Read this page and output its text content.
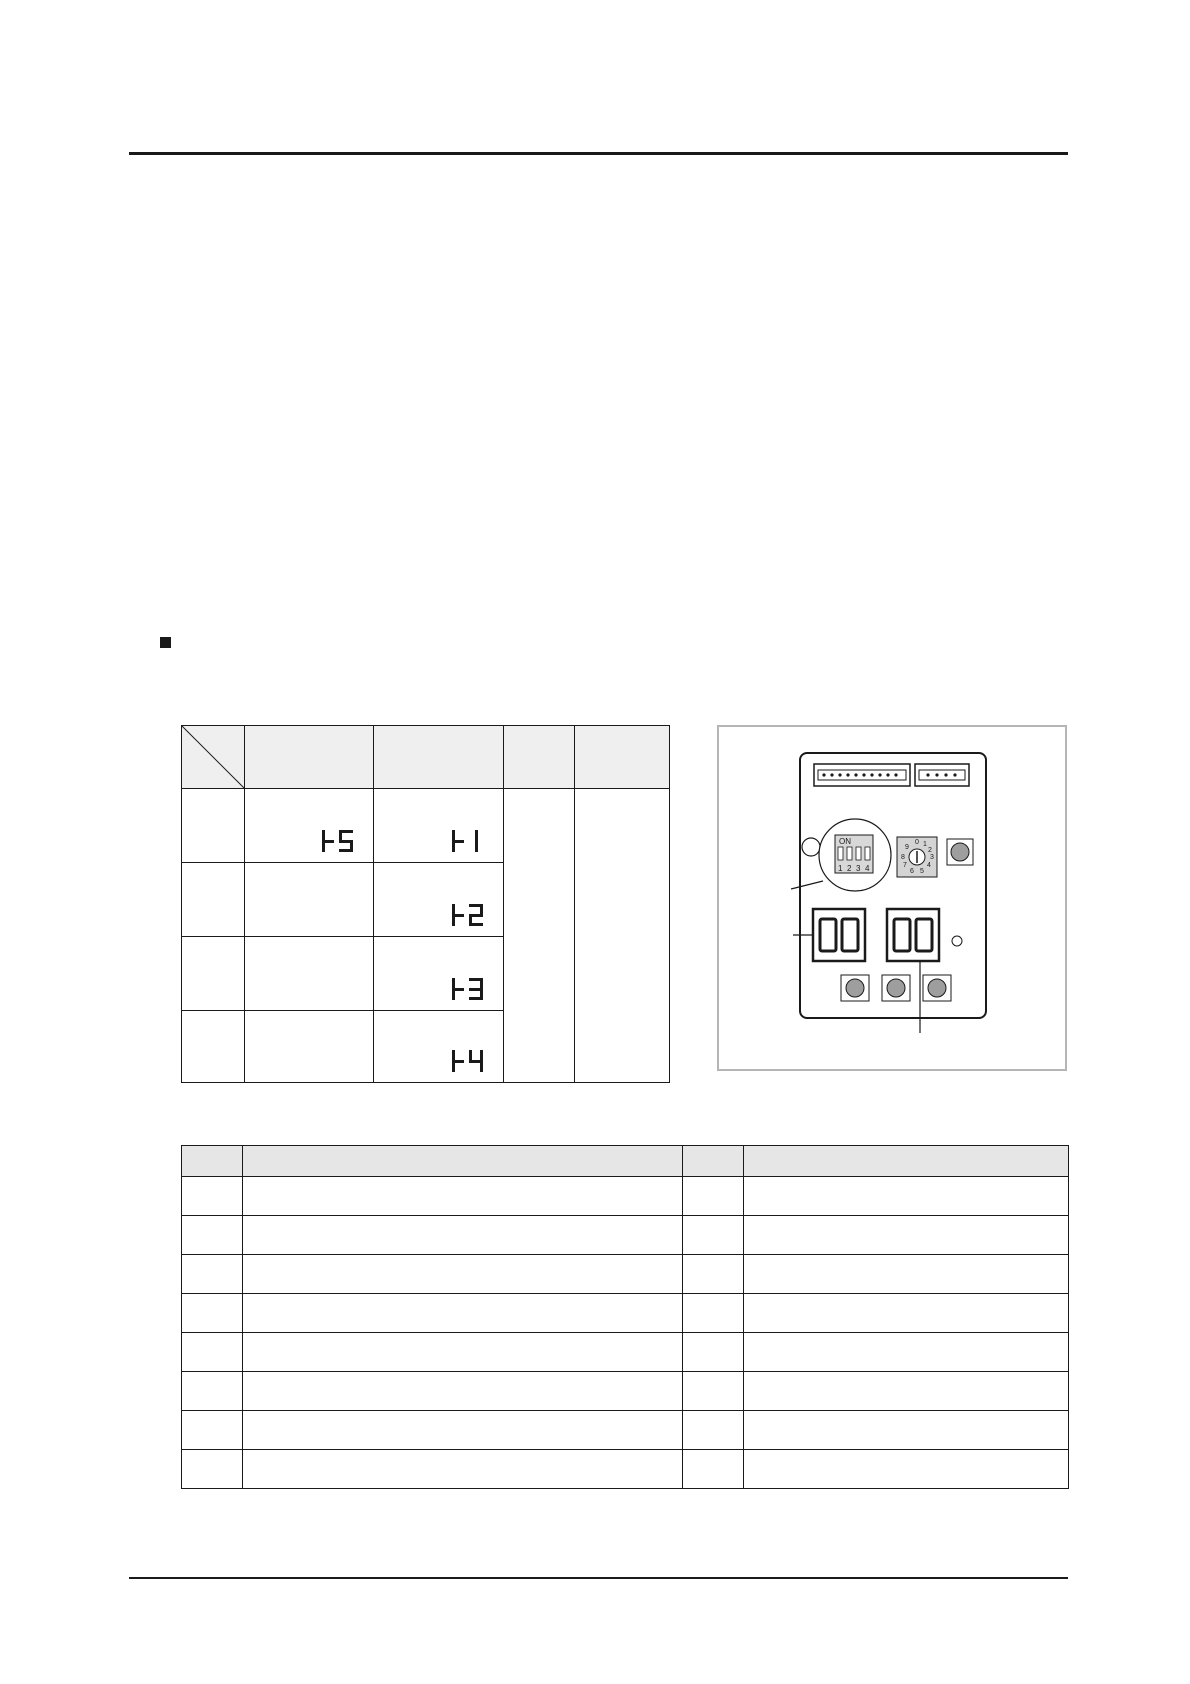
ON
1 2 3 4
0 1
2
3
4
5
6
7
8
9
